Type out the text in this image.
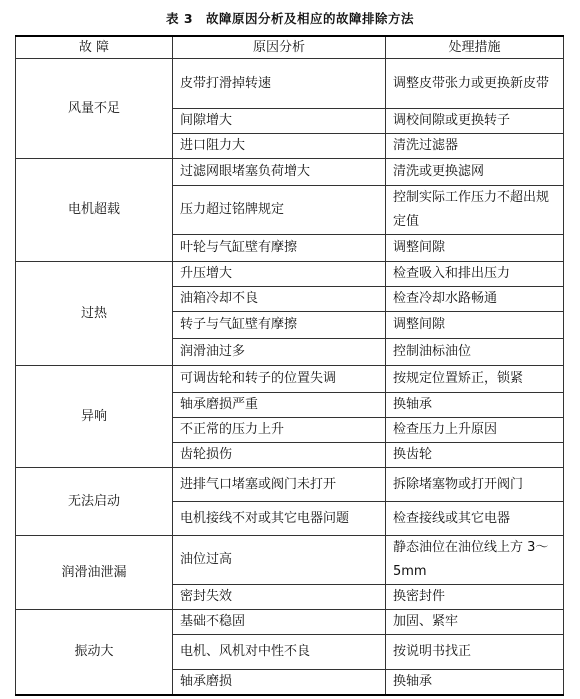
表 3　故障原因分析及相应的故障排除方法
故 障	原因分析	处理措施
风量不足	皮带打滑掉转速	调整皮带张力或更换新皮带
	间隙增大	调校间隙或更换转子
	进口阻力大	清洗过滤器
电机超载	过滤网眼堵塞负荷增大	清洗或更换滤网
	压力超过铭牌规定	控制实际工作压力不超出规定值
	叶轮与气缸壁有摩擦	调整间隙
过热	升压增大	检查吸入和排出压力
	油箱冷却不良	检查冷却水路畅通
	转子与气缸壁有摩擦	调整间隙
	润滑油过多	控制油标油位
异响	可调齿轮和转子的位置失调	按规定位置矫正，锁紧
	轴承磨损严重	换轴承
	不正常的压力上升	检查压力上升原因
	齿轮损伤	换齿轮
无法启动	进排气口堵塞或阀门未打开	拆除堵塞物或打开阀门
	电机接线不对或其它电器问题	检查接线或其它电器
润滑油泄漏	油位过高	静态油位在油位线上方 3～5mm
	密封失效	换密封件
振动大	基础不稳固	加固、紧牢
	电机、风机对中性不良	按说明书找正
	轴承磨损	换轴承
